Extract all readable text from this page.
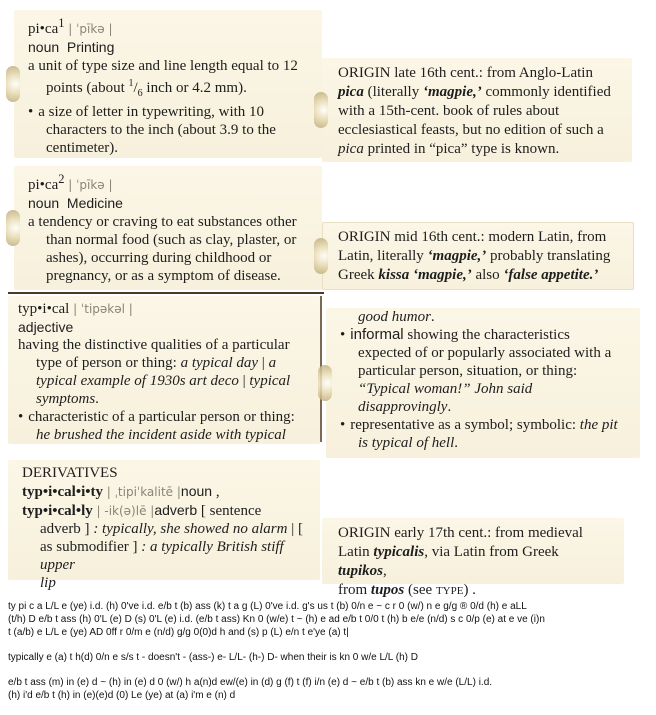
$pi•ca^1$ | ˈpīkə |
noun Printing
a unit of type size and line length equal to 12
points (about $^1/_6$ inch or 4.2 mm).
• a size of letter in typewriting, with 10
characters to the inch (about 3.9 to the
centimeter).
ORIGIN late 16th cent.: from Anglo-Latin
pica (literally ‘magpie,’ commonly identified
with a 15th-cent. book of rules about
ecclesiastical feasts, but no edition of such a
pica printed in “pica” type is known.
$pi•ca^2$ | ˈpīkə |
noun Medicine
a tendency or craving to eat substances other
than normal food (such as clay, plaster, or
ashes), occurring during childhood or
pregnancy, or as a symptom of disease.
ORIGIN mid 16th cent.: modern Latin, from
Latin, literally ‘magpie,’ probably translating
Greek kissa ‘magpie,’ also ‘false appetite.’
typ•i•cal | ˈtipəkəl |
adjective
having the distinctive qualities of a particular
type of person or thing: a typical day | a
typical example of 1930s art deco | typical
symptoms.
• characteristic of a particular person or thing:
he brushed the incident aside with typical
good humor.
• informal showing the characteristics
expected of or popularly associated with a
particular person, situation, or thing:
“Typical woman!” John said
disapprovingly.
• representative as a symbol; symbolic: the pit
is typical of hell.
DERIVATIVES
typ•i•cal•i•ty | ˌtipiˈkalitē |noun ,
typ•i•cal•ly | -ik(ə)lē |adverb [ sentence
adverb ] : typically, she showed no alarm | [
as submodifier ] : a typically British stiff upper
lip
ORIGIN early 17th cent.: from medieval
Latin typicalis, via Latin from Greek tupikos,
from tupos (see type) .
ty pi c a L/L e (ye) i.d. (h) 0've i.d. e/b t (b) ass (k) t a g (L) 0've i.d. g's us t (b) 0/n e ~ c r 0 (w/) n e g/g ® 0/d (h) e aLL
(t/h) D e/b t ass (h) 0'L (e) D (s) 0'L (e) i.d. (e/b t ass) Kn 0 (w/e) t ~ (h) e ad e/b t 0/0 t (h) b e/e (n/d) s c 0/p (e) at e ve (i)n
t (a/b) e L/L e (ye) AD 0ff r 0/m e (n/d) g/g 0(0)d h and (s) p (L) e/n t e'ye (a) t|
typically e (a) t h(d) 0/n e s/s t - doesn't - (ass-) e- L/L- (h-) D- when their is kn 0 w/e L/L (h) D
e/b t ass (m) in (e) d ~ (h) in (e) d 0 (w/) h a(n)d ew/(e) in (d) g (f) t (f) i/n (e) d ~ e/b t (b) ass kn e w/e (L/L) i.d.
(h) i'd e/b t (h) in (e)(e)d (0) Le (ye) at (a) i'm e (n) d
